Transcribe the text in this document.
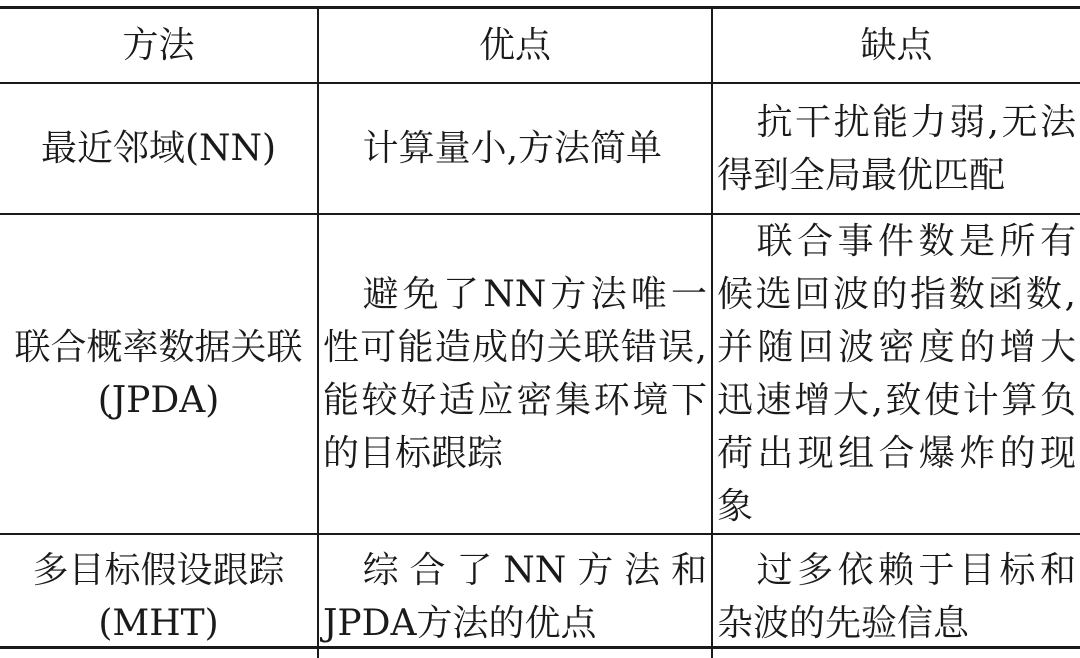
方法	优点	缺点
最近邻域(NN)	计算量小,方法简单	抗干扰能力弱,无法得到全局最优匹配
联合概率数据关联(JPDA)	避免了NN方法唯一性可能造成的关联错误,能较好适应密集环境下的目标跟踪	联合事件数是所有候选回波的指数函数,并随回波密度的增大迅速增大,致使计算负荷出现组合爆炸的现象
多目标假设跟踪(MHT)	综合了NN方法和JPDA方法的优点	过多依赖于目标和杂波的先验信息
